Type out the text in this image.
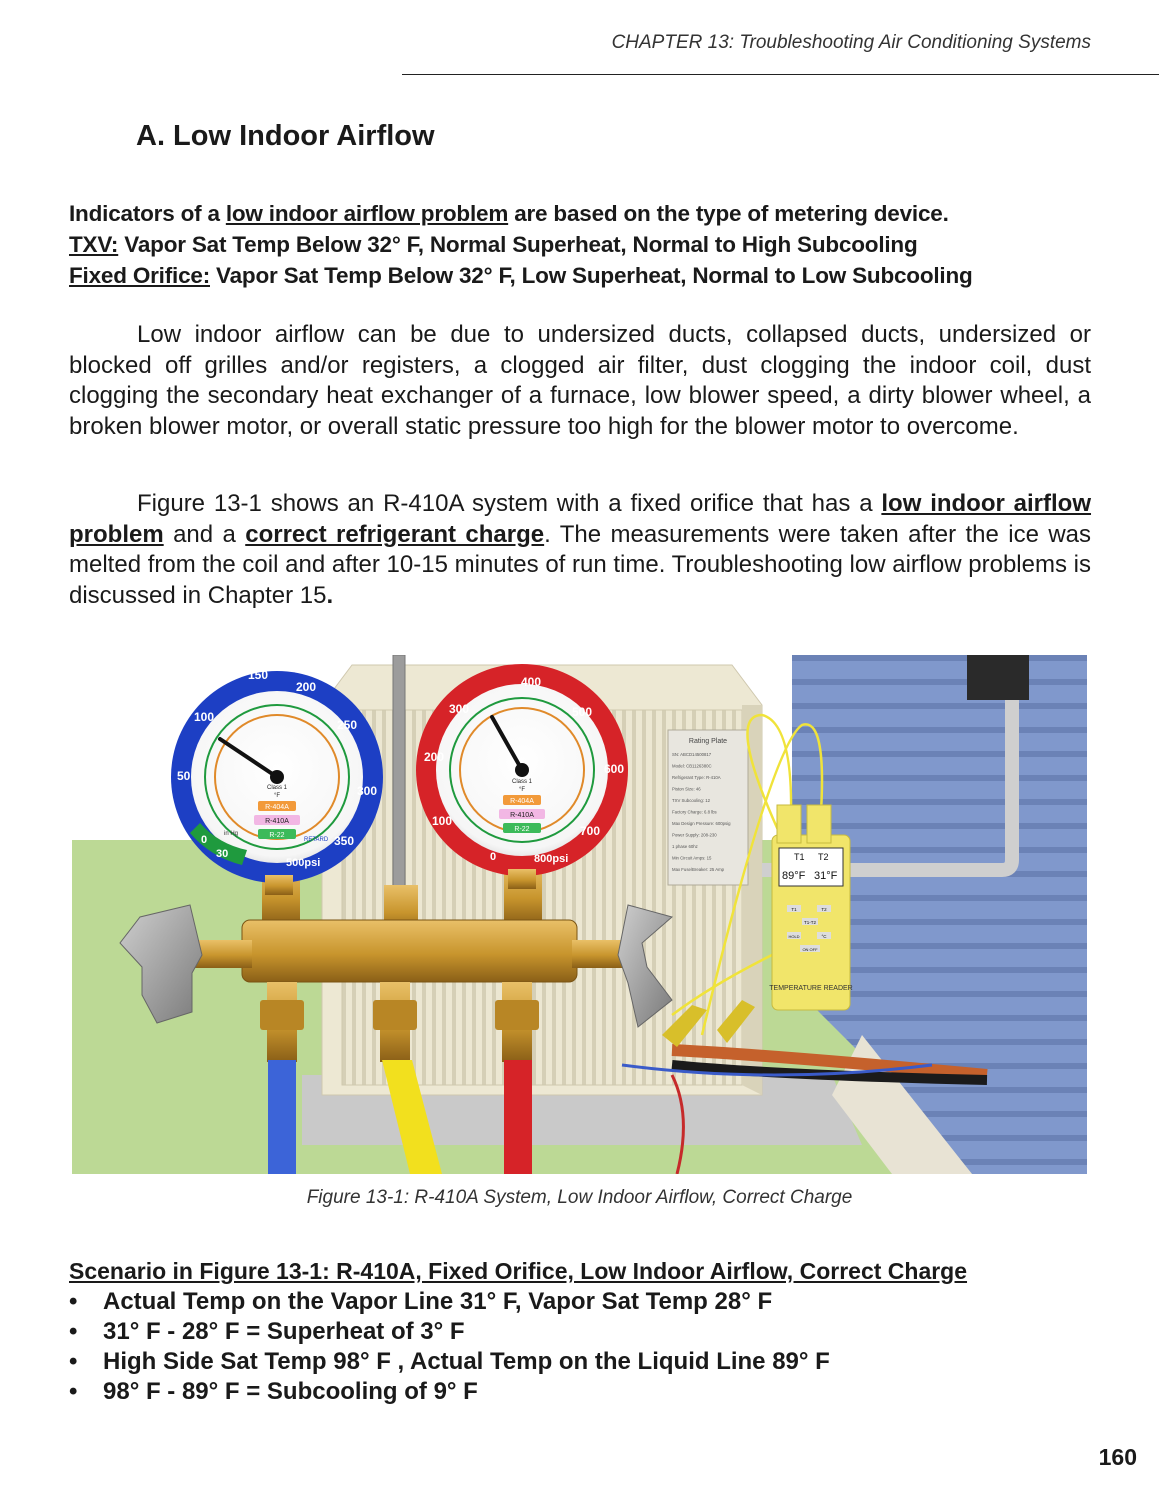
CHAPTER 13: Troubleshooting Air Conditioning Systems
A. Low Indoor Airflow
Indicators of a low indoor airflow problem are based on the type of metering device.
TXV: Vapor Sat Temp Below 32° F, Normal Superheat, Normal to High Subcooling
Fixed Orifice: Vapor Sat Temp Below 32° F, Low Superheat, Normal to Low Subcooling

Low indoor airflow can be due to undersized ducts, collapsed ducts, undersized or blocked off grilles and/or registers, a clogged air filter, dust clogging the indoor coil, dust clogging the secondary heat exchanger of a furnace, low blower speed, a dirty blower wheel, a broken blower motor, or overall static pressure too high for the blower motor to overcome.

Figure 13-1 shows an R-410A system with a fixed orifice that has a low indoor airflow problem and a correct refrigerant charge. The measurements were taken after the ice was melted from the coil and after 10-15 minutes of run time. Troubleshooting low airflow problems is discussed in Chapter 15.

Rating Plate
SN: ABCD14500817
Model: CB1126380C
Refrigerant Type: R-410A
Piston Size: 46
TXV Subcooling: 12
Factory Charge: 6.8 lbs
Max Design Pressure: 600psig
Power Supply: 208-230
1 phase 60hz
Min Circuit Amps: 15
Max Fuse/Breaker: 25 Amp
T1 T2
89°F 31°F
T1	T2
T1-T2
HOLD	°C
ON OFF
TEMPERATURE READER
150
200
250
300
350
100
50
0
30
in Hg
500psi
Class 1
°F
R-404A
R-410A
R-22
RETARD
400
500
600
700
800psi
300
200
100
0
Class 1
°F
R-404A
R-410A
R-22
Figure 13-1: R-410A System, Low Indoor Airflow, Correct Charge
Scenario in Figure 13-1: R-410A, Fixed Orifice, Low Indoor Airflow, Correct Charge
• Actual Temp on the Vapor Line 31° F, Vapor Sat Temp 28° F
• 31° F - 28° F = Superheat of 3° F
• High Side Sat Temp 98° F , Actual Temp on the Liquid Line 89° F
• 98° F - 89° F = Subcooling of 9° F
160
